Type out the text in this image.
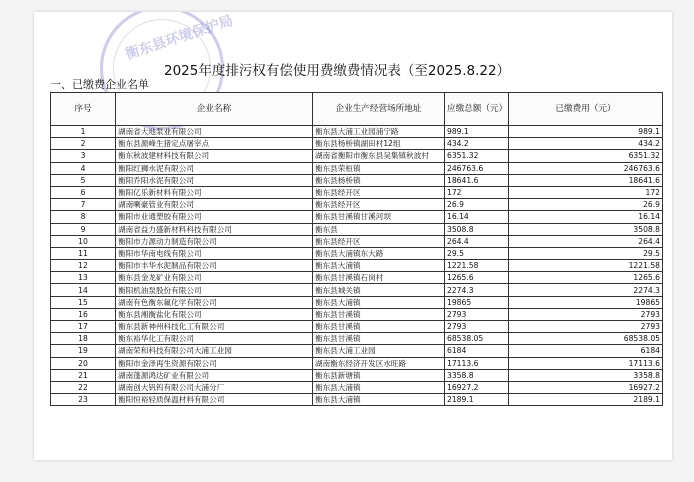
衡东县环境保护局
2025年度排污权有偿使用费缴费情况表（至2025.8.22）
一、已缴费企业名单
序号	企业名称	企业生产经营场所地址	应缴总额（元）	已缴费用（元）
1	湖南省大地泵业有限公司	衡东县大浦工业园浦宁路	989.1	989.1
2	衡东县源峰生猪定点屠宰点	衡东县杨桥镇湖田村12组	434.2	434.2
3	衡东秋波建材科技有限公司	湖南省衡阳市衡东县吴集镇秋波村	6351.32	6351.32
4	衡阳红狮水泥有限公司	衡东县荣桓镇	246763.6	246763.6
5	衡阳乔阳水泥有限公司	衡东县杨桥镇	18641.6	18641.6
6	衡阳亿乐新材料有限公司	衡东县经开区	172	172
7	湖南喇豪管业有限公司	衡东县经开区	26.9	26.9
8	衡阳市业通塑胶有限公司	衡东县甘溪镇甘溪河坝	16.14	16.14
9	湖南省益力盛新材料科技有限公司	衡东县	3508.8	3508.8
10	衡阳市力源动力制造有限公司	衡东县经开区	264.4	264.4
11	衡阳市华南电线有限公司	衡东县大浦镇东大路	29.5	29.5
12	衡阳市丰华水泥制品有限公司	衡东县大浦镇	1221.58	1221.58
13	衡东县金龙矿业有限公司	衡东县甘溪镇石岗村	1265.6	1265.6
14	衡阳机油泵股份有限公司	衡东县城关镇	2274.3	2274.3
15	湖南有色衡东氟化学有限公司	衡东县大浦镇	19865	19865
16	衡东县湘衡盐化有限公司	衡东县甘溪镇	2793	2793
17	衡东县新神州科技化工有限公司	衡东县甘溪镇	2793	2793
18	衡东裕华化工有限公司	衡东县甘溪镇	68538.05	68538.05
19	湖南荣和科技有限公司大浦工业园	衡东县大浦工业园	6184	6184
20	衡阳市金泽再生资源有限公司	湖南衡东经济开发区水旺路	17113.6	17113.6
21	湖南蓬源鸿达矿业有限公司	衡东县新塘镇	3358.8	3358.8
22	湖南创大钒钨有限公司大浦分厂	衡东县大浦镇	16927.2	16927.2
23	衡阳恒裕轻质保温材料有限公司	衡东县大浦镇	2189.1	2189.1
